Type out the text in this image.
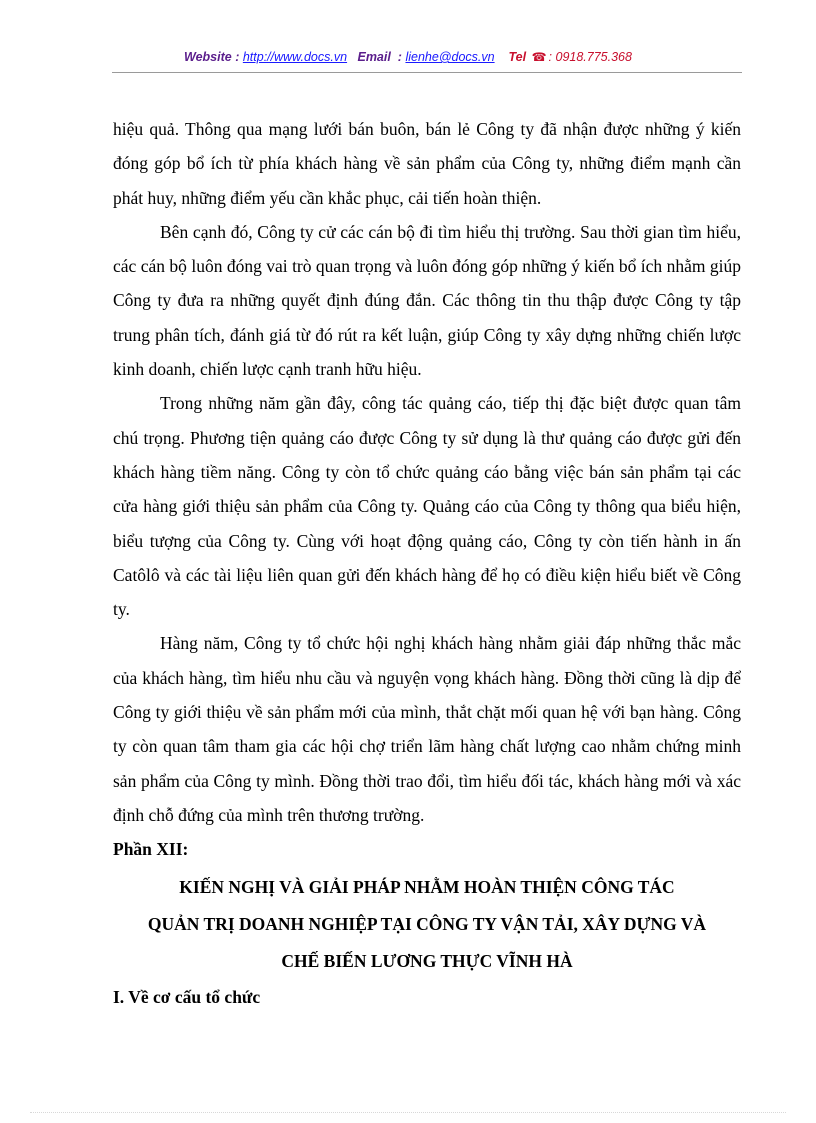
Website : http://www.docs.vn Email : lienhe@docs.vn Tel ☎ : 0918.775.368

hiệu quả. Thông qua mạng lưới bán buôn, bán lẻ Công ty đã nhận được những ý kiến đóng góp bổ ích từ phía khách hàng về sản phẩm của Công ty, những điểm mạnh cần phát huy, những điểm yếu cần khắc phục, cải tiến hoàn thiện.

Bên cạnh đó, Công ty cử các cán bộ đi tìm hiểu thị trường. Sau thời gian tìm hiểu, các cán bộ luôn đóng vai trò quan trọng và luôn đóng góp những ý kiến bổ ích nhằm giúp Công ty đưa ra những quyết định đúng đắn. Các thông tin thu thập được Công ty tập trung phân tích, đánh giá từ đó rút ra kết luận, giúp Công ty xây dựng những chiến lược kinh doanh, chiến lược cạnh tranh hữu hiệu.

Trong những năm gần đây, công tác quảng cáo, tiếp thị đặc biệt được quan tâm chú trọng. Phương tiện quảng cáo được Công ty sử dụng là thư quảng cáo được gửi đến khách hàng tiềm năng. Công ty còn tổ chức quảng cáo bằng việc bán sản phẩm tại các cửa hàng giới thiệu sản phẩm của Công ty. Quảng cáo của Công ty thông qua biểu hiện, biểu tượng của Công ty. Cùng với hoạt động quảng cáo, Công ty còn tiến hành in ấn Catôlô và các tài liệu liên quan gửi đến khách hàng để họ có điều kiện hiểu biết về Công ty.

Hàng năm, Công ty tổ chức hội nghị khách hàng nhằm giải đáp những thắc mắc của khách hàng, tìm hiểu nhu cầu và nguyện vọng khách hàng. Đồng thời cũng là dịp để Công ty giới thiệu về sản phẩm mới của mình, thắt chặt mối quan hệ với bạn hàng. Công ty còn quan tâm tham gia các hội chợ triển lãm hàng chất lượng cao nhằm chứng minh sản phẩm của Công ty mình. Đồng thời trao đổi, tìm hiểu đối tác, khách hàng mới và xác định chỗ đứng của mình trên thương trường.

Phần XII:

KIẾN NGHỊ VÀ GIẢI PHÁP NHẰM HOÀN THIỆN CÔNG TÁC
QUẢN TRỊ DOANH NGHIỆP TẠI CÔNG TY VẬN TẢI, XÂY DỰNG VÀ
CHẾ BIẾN LƯƠNG THỰC VĨNH HÀ

I. Về cơ cấu tổ chức
